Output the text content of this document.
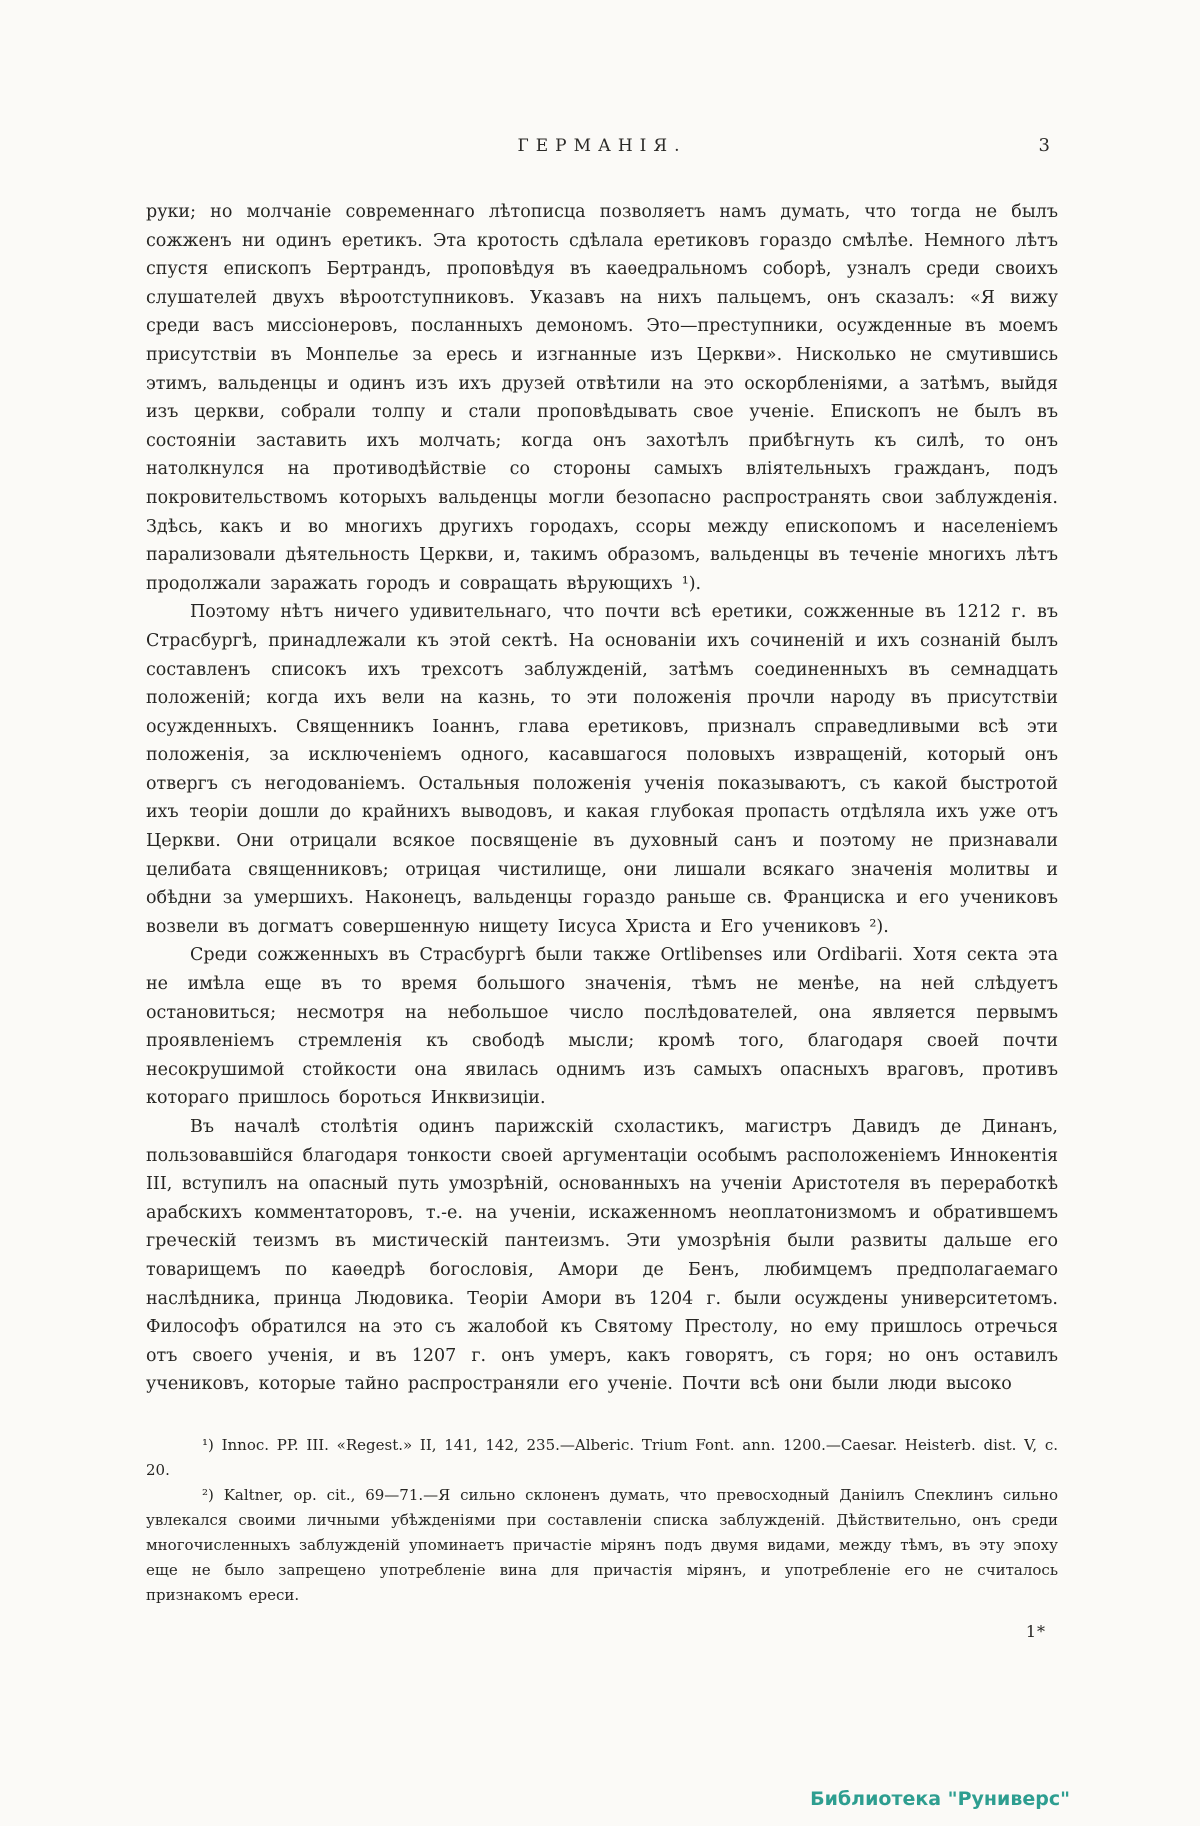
ГЕРМАНІЯ.	3

руки; но молчаніе современнаго лѣтописца позволяетъ намъ думать, что тогда не былъ сожженъ ни одинъ еретикъ. Эта кротость сдѣлала еретиковъ гораздо смѣлѣе. Немного лѣтъ спустя епископъ Бертрандъ, проповѣдуя въ каѳедральномъ соборѣ, узналъ среди своихъ слушателей двухъ вѣроотступниковъ. Указавъ на нихъ пальцемъ, онъ сказалъ: «Я вижу среди васъ миссіонеровъ, посланныхъ демономъ. Это—преступники, осужденные въ моемъ присутствіи въ Монпелье за ересь и изгнанные изъ Церкви». Нисколько не смутившись этимъ, вальденцы и одинъ изъ ихъ друзей отвѣтили на это оскорбленіями, а затѣмъ, выйдя изъ церкви, собрали толпу и стали проповѣдывать свое ученіе. Епископъ не былъ въ состояніи заставить ихъ молчать; когда онъ захотѣлъ прибѣгнуть къ силѣ, то онъ натолкнулся на противодѣйствіе со стороны самыхъ вліятельныхъ гражданъ, подъ покровительствомъ которыхъ вальденцы могли безопасно распространять свои заблужденія. Здѣсь, какъ и во многихъ другихъ городахъ, ссоры между епископомъ и населеніемъ парализовали дѣятельность Церкви, и, такимъ образомъ, вальденцы въ теченіе многихъ лѣтъ продолжали заражать городъ и совращать вѣрующихъ ¹).

Поэтому нѣтъ ничего удивительнаго, что почти всѣ еретики, сожженные въ 1212 г. въ Страсбургѣ, принадлежали къ этой сектѣ. На основаніи ихъ сочиненій и ихъ сознаній былъ составленъ списокъ ихъ трехсотъ заблужденій, затѣмъ соединенныхъ въ семнадцать положеній; когда ихъ вели на казнь, то эти положенія прочли народу въ присутствіи осужденныхъ. Священникъ Іоаннъ, глава еретиковъ, призналъ справедливыми всѣ эти положенія, за исключеніемъ одного, касавшагося половыхъ извращеній, который онъ отвергъ съ негодованіемъ. Остальныя положенія ученія показываютъ, съ какой быстротой ихъ теоріи дошли до крайнихъ выводовъ, и какая глубокая пропасть отдѣляла ихъ уже отъ Церкви. Они отрицали всякое посвященіе въ духовный санъ и поэтому не признавали целибата священниковъ; отрицая чистилище, они лишали всякаго значенія молитвы и обѣдни за умершихъ. Наконецъ, вальденцы гораздо раньше св. Франциска и его учениковъ возвели въ догматъ совершенную нищету Іисуса Христа и Его учениковъ ²).

Среди сожженныхъ въ Страсбургѣ были также Ortlibenses или Ordibarii. Хотя секта эта не имѣла еще въ то время большого значенія, тѣмъ не менѣе, на ней слѣдуетъ остановиться; несмотря на небольшое число послѣдователей, она является первымъ проявленіемъ стремленія къ свободѣ мысли; кромѣ того, благодаря своей почти несокрушимой стойкости она явилась однимъ изъ самыхъ опасныхъ враговъ, противъ котораго пришлось бороться Инквизиціи.

Въ началѣ столѣтія одинъ парижскій схоластикъ, магистръ Давидъ де Динанъ, пользовавшійся благодаря тонкости своей аргументаціи особымъ расположеніемъ Иннокентія III, вступилъ на опасный путь умозрѣній, основанныхъ на ученіи Аристотеля въ переработкѣ арабскихъ комментаторовъ, т.-е. на ученіи, искаженномъ неоплатонизмомъ и обратившемъ греческій теизмъ въ мистическій пантеизмъ. Эти умозрѣнія были развиты дальше его товарищемъ по каѳедрѣ богословія, Амори де Бенъ, любимцемъ предполагаемаго наслѣдника, принца Людовика. Теоріи Амори въ 1204 г. были осуждены университетомъ. Философъ обратился на это съ жалобой къ Святому Престолу, но ему пришлось отречься отъ своего ученія, и въ 1207 г. онъ умеръ, какъ говорятъ, съ горя; но онъ оставилъ учениковъ, которые тайно распространяли его ученіе. Почти всѣ они были люди высоко

¹) Innoc. PP. III. «Regest.» II, 141, 142, 235.—Alberic. Trium Font. ann. 1200.—Caesar. Heisterb. dist. V, c. 20.

²) Kaltner, op. cit., 69—71.—Я сильно склоненъ думать, что превосходный Даніилъ Спеклинъ сильно увлекался своими личными убѣжденіями при составленіи списка заблужденій. Дѣйствительно, онъ среди многочисленныхъ заблужденій упоминаетъ причастіе мірянъ подъ двумя видами, между тѣмъ, въ эту эпоху еще не было запрещено употребленіе вина для причастія мірянъ, и употребленіе его не считалось признакомъ ереси.

1*
Библиотека "Руниверс"
